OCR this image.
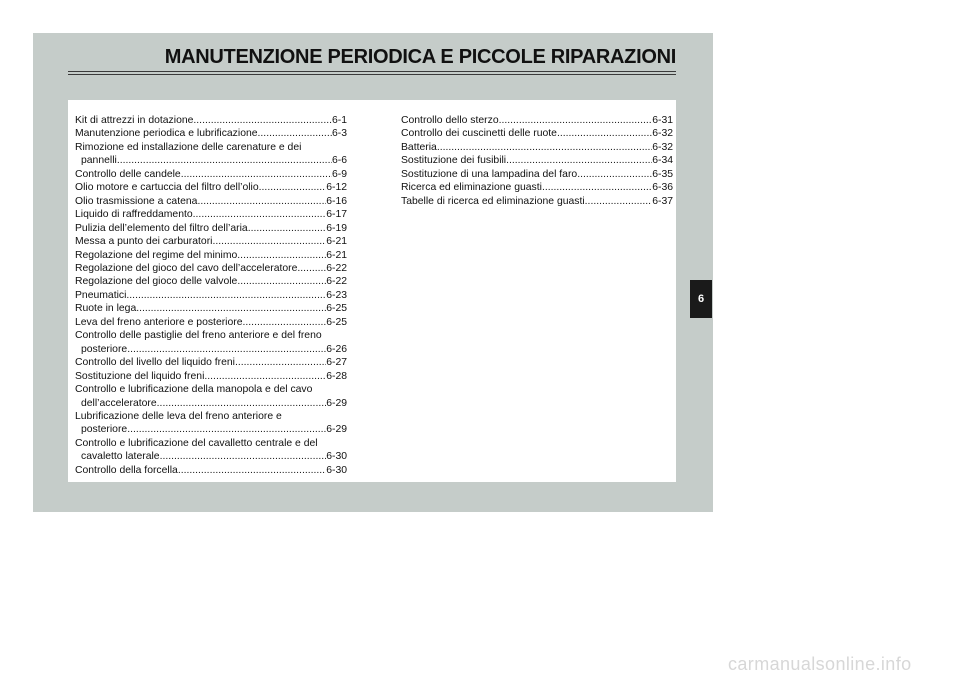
MANUTENZIONE PERIODICA E PICCOLE RIPARAZIONI
Kit di attrezzi in dotazione .....	6-1
Manutenzione periodica e lubrificazione .....	6-3
Rimozione ed installazione delle carenature e dei
pannelli .....	6-6
Controllo delle candele .....	6-9
Olio motore e cartuccia del filtro dell’olio .....	6-12
Olio trasmissione a catena .....	6-16
Liquido di raffreddamento .....	6-17
Pulizia dell’elemento del filtro dell’aria .....	6-19
Messa a punto dei carburatori .....	6-21
Regolazione del regime del minimo .....	6-21
Regolazione del gioco del cavo dell’acceleratore .....	6-22
Regolazione del gioco delle valvole .....	6-22
Pneumatici .....	6-23
Ruote in lega .....	6-25
Leva del freno anteriore e posteriore .....	6-25
Controllo delle pastiglie del freno anteriore e del freno
posteriore .....	6-26
Controllo del livello del liquido freni .....	6-27
Sostituzione del liquido freni .....	6-28
Controllo e lubrificazione della manopola e del cavo
dell’acceleratore .....	6-29
Lubrificazione delle leva del freno anteriore e
posteriore .....	6-29
Controllo e lubrificazione del cavalletto centrale e del
cavaletto laterale .....	6-30
Controllo della forcella .....	6-30
Controllo dello sterzo .....	6-31
Controllo dei cuscinetti delle ruote .....	6-32
Batteria .....	6-32
Sostituzione dei fusibili .....	6-34
Sostituzione di una lampadina del faro .....	6-35
Ricerca ed eliminazione guasti .....	6-36
Tabelle di ricerca ed eliminazione guasti .....	6-37
6
carmanualsonline.info
